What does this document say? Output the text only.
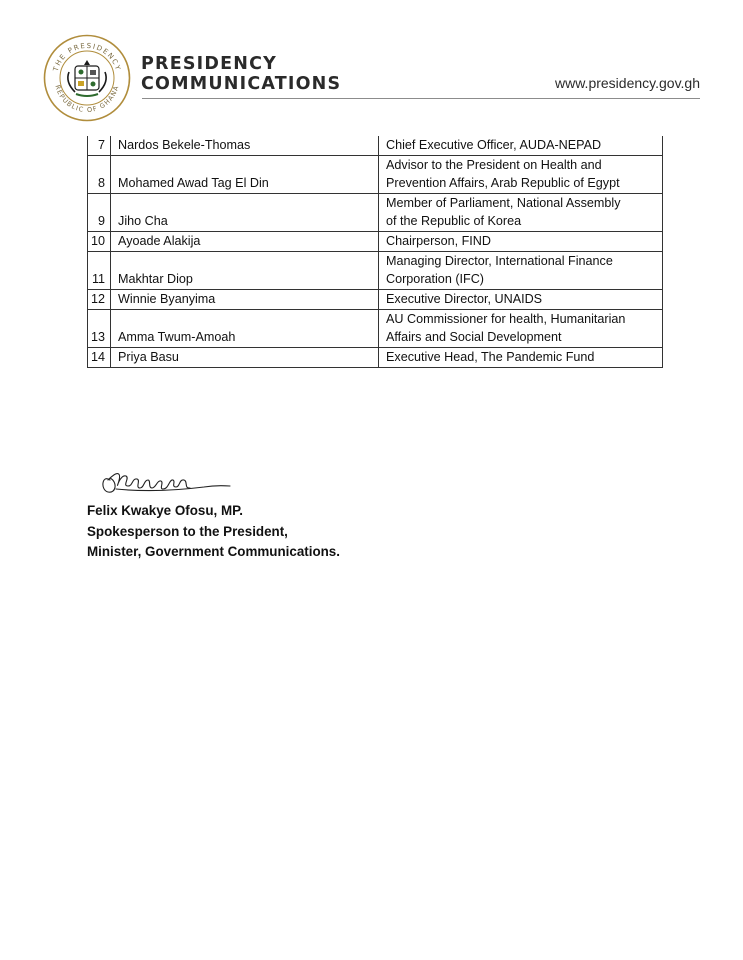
THE PRESIDENCY
REPUBLIC OF GHANA
PRESIDENCY
COMMUNICATIONS	www.presidency.gov.gh
7	Nardos Bekele-Thomas	Chief Executive Officer, AUDA-NEPAD

8	Mohamed Awad Tag El Din	Advisor to the President on Health and
Prevention Affairs, Arab Republic of Egypt

9	Jiho Cha	Member of Parliament, National Assembly
of the Republic of Korea

10	Ayoade Alakija	Chairperson, FIND

11	Makhtar Diop	Managing Director, International Finance
Corporation (IFC)

12	Winnie Byanyima	Executive Director, UNAIDS

13	Amma Twum-Amoah	AU Commissioner for health, Humanitarian
Affairs and Social Development

14	Priya Basu	Executive Head, The Pandemic Fund
Felix Kwakye Ofosu, MP.
Spokesperson to the President,
Minister, Government Communications.
